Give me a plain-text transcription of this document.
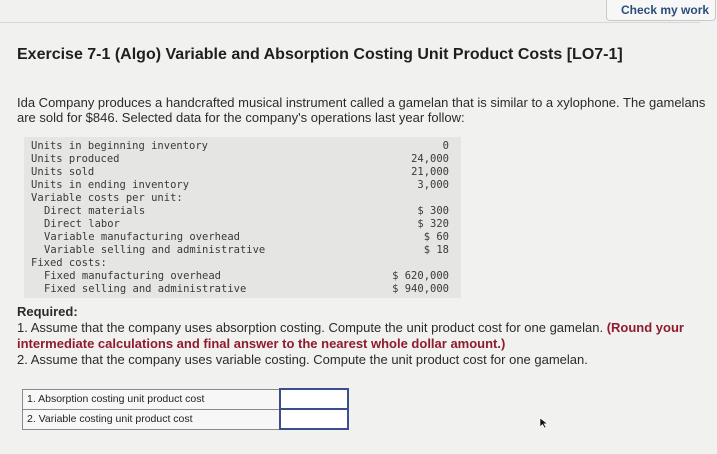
Check my work
Exercise 7-1 (Algo) Variable and Absorption Costing Unit Product Costs [LO7-1]

Ida Company produces a handcrafted musical instrument called a gamelan that is similar to a xylophone. The gamelans
are sold for $846. Selected data for the company's operations last year follow:

Units in beginning inventory	0
Units produced	24,000
Units sold	21,000
Units in ending inventory	3,000
Variable costs per unit:
Direct materials	$ 300
Direct labor	$ 320
Variable manufacturing overhead	$ 60
Variable selling and administrative	$ 18
Fixed costs:
Fixed manufacturing overhead	$ 620,000
Fixed selling and administrative	$ 940,000
Required:
1. Assume that the company uses absorption costing. Compute the unit product cost for one gamelan. (Round your intermediate calculations and final answer to the nearest whole dollar amount.)
2. Assume that the company uses variable costing. Compute the unit product cost for one gamelan.
1. Absorption costing unit product cost	
2. Variable costing unit product cost	
